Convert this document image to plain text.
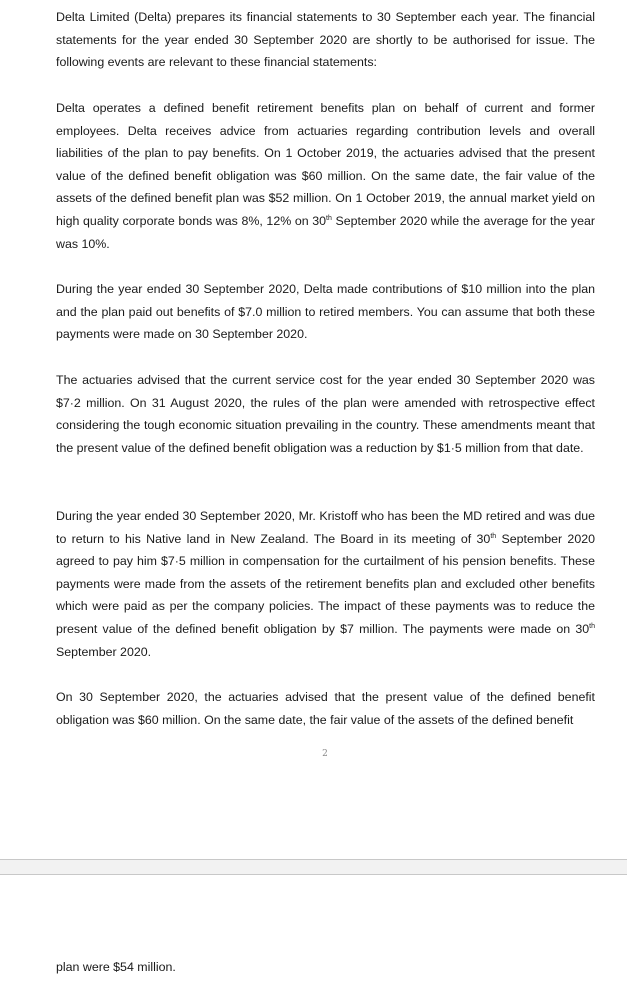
Delta Limited (Delta) prepares its financial statements to 30 September each year. The financial statements for the year ended 30 September 2020 are shortly to be authorised for issue. The following events are relevant to these financial statements:

Delta operates a defined benefit retirement benefits plan on behalf of current and former employees. Delta receives advice from actuaries regarding contribution levels and overall liabilities of the plan to pay benefits. On 1 October 2019, the actuaries advised that the present value of the defined benefit obligation was $60 million. On the same date, the fair value of the assets of the defined benefit plan was $52 million. On 1 October 2019, the annual market yield on high quality corporate bonds was 8%, 12% on 30th September 2020 while the average for the year was 10%.

During the year ended 30 September 2020, Delta made contributions of $10 million into the plan and the plan paid out benefits of $7.0 million to retired members. You can assume that both these payments were made on 30 September 2020.

The actuaries advised that the current service cost for the year ended 30 September 2020 was $7·2 million. On 31 August 2020, the rules of the plan were amended with retrospective effect considering the tough economic situation prevailing in the country. These amendments meant that the present value of the defined benefit obligation was a reduction by $1·5 million from that date.

During the year ended 30 September 2020, Mr. Kristoff who has been the MD retired and was due to return to his Native land in New Zealand. The Board in its meeting of 30th September 2020 agreed to pay him $7·5 million in compensation for the curtailment of his pension benefits. These payments were made from the assets of the retirement benefits plan and excluded other benefits which were paid as per the company policies. The impact of these payments was to reduce the present value of the defined benefit obligation by $7 million. The payments were made on 30th September 2020.

On 30 September 2020, the actuaries advised that the present value of the defined benefit obligation was $60 million. On the same date, the fair value of the assets of the defined benefit

2

plan were $54 million.
